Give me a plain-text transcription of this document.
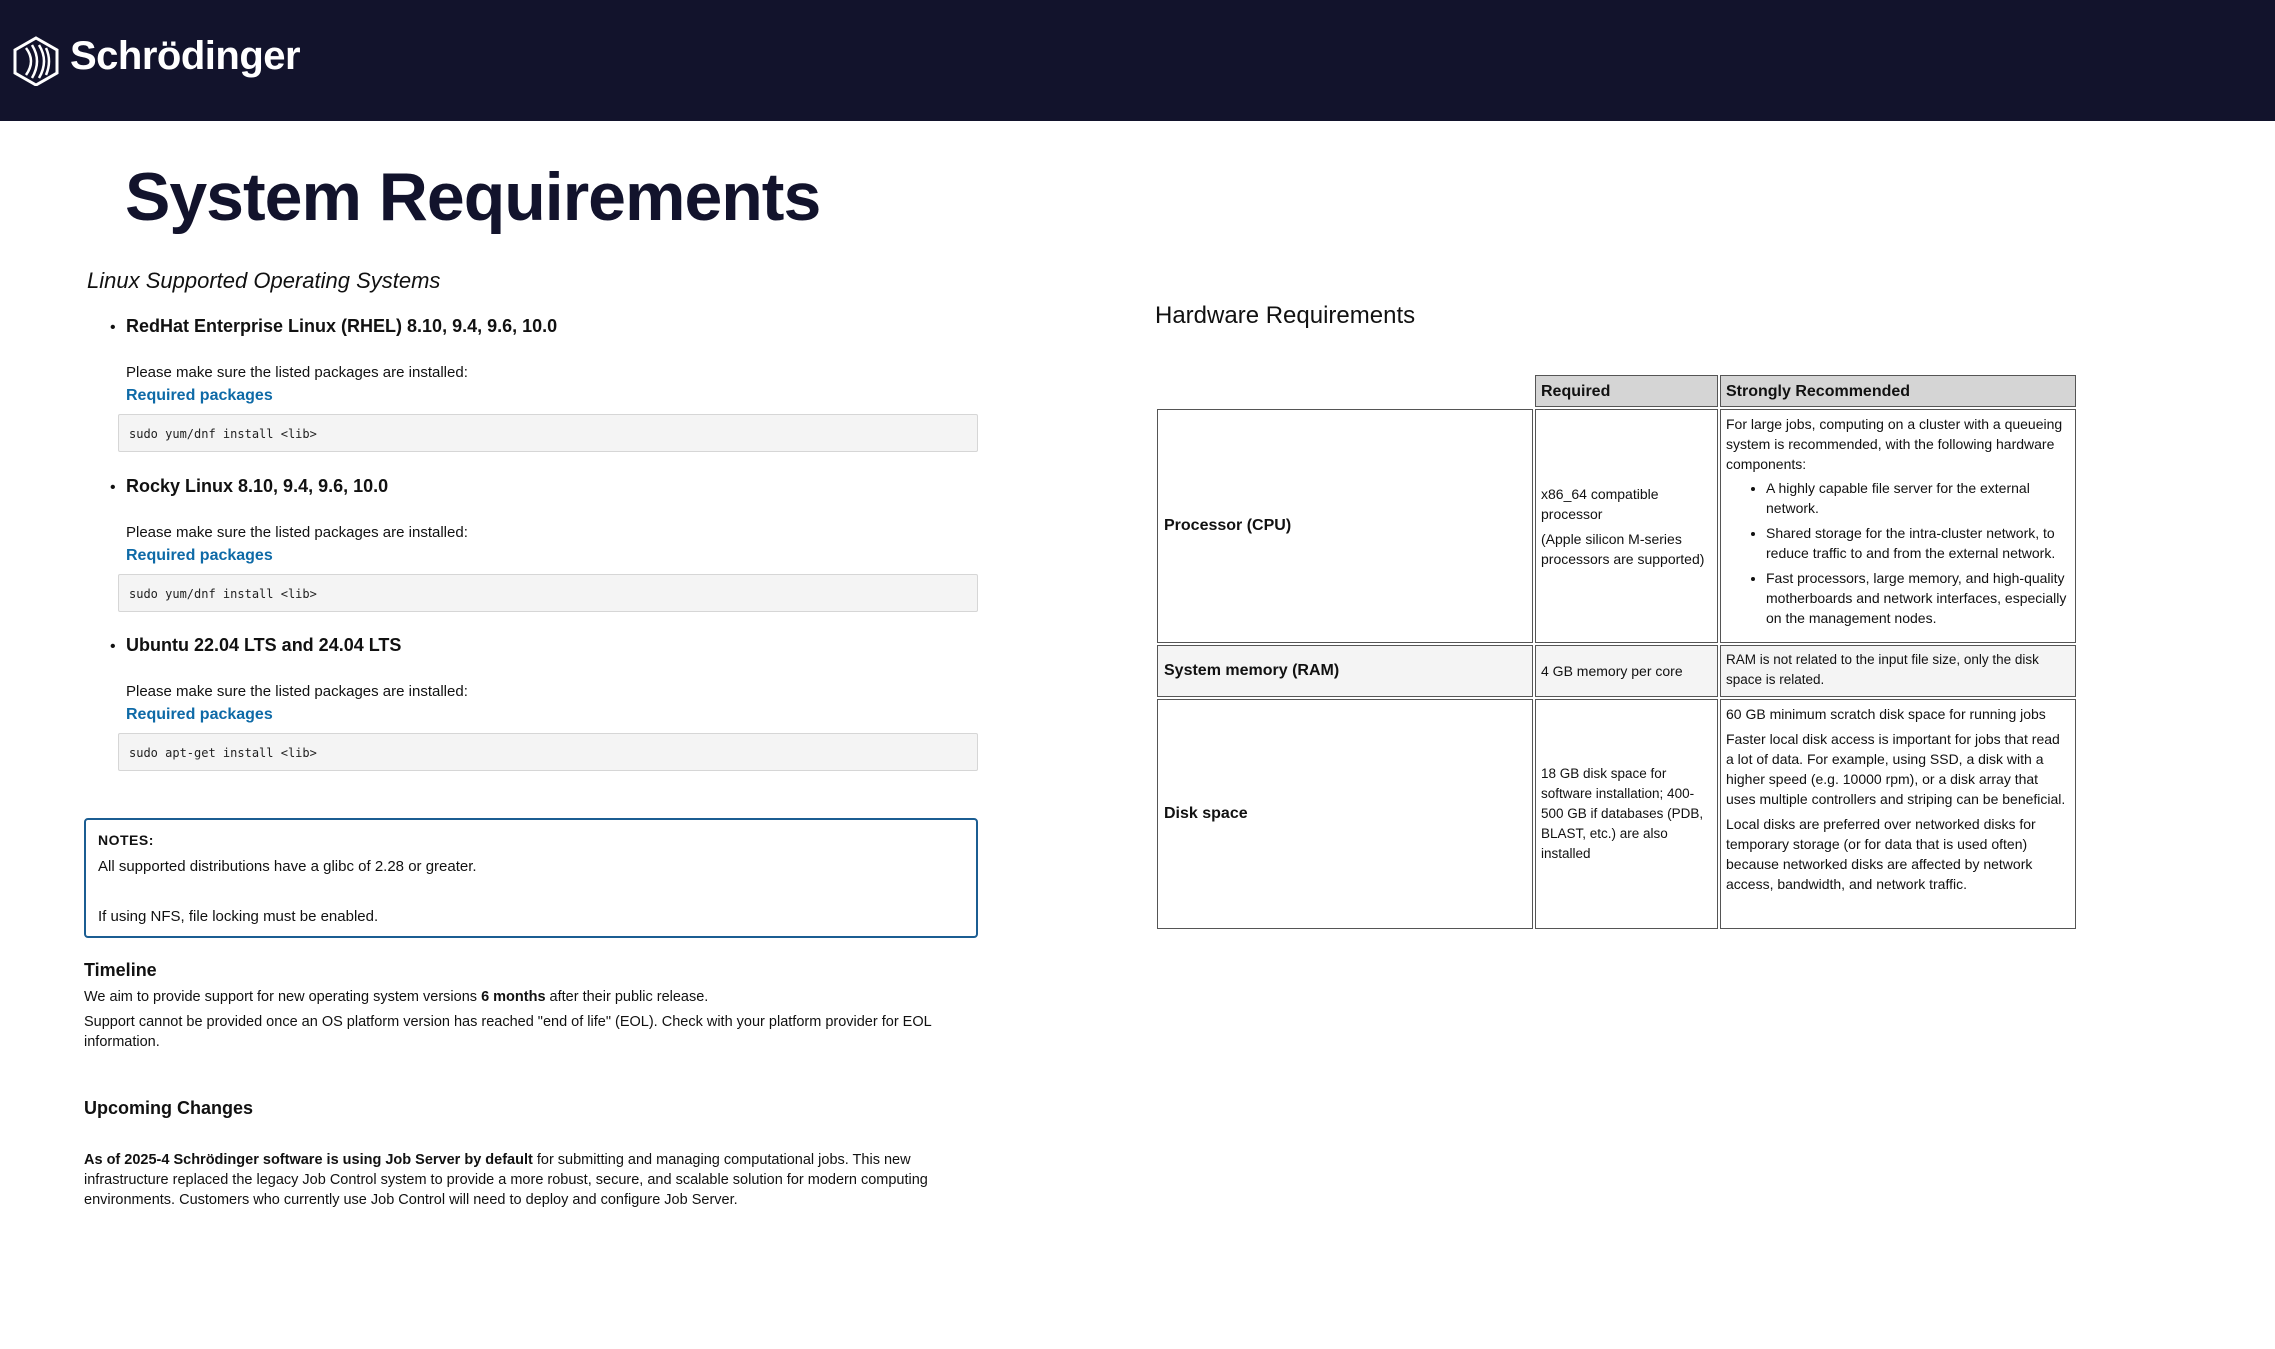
Schrödinger
System Requirements
Linux Supported Operating Systems
• RedHat Enterprise Linux (RHEL) 8.10, 9.4, 9.6, 10.0
Please make sure the listed packages are installed:
Required packages
sudo yum/dnf install <lib>
• Rocky Linux 8.10, 9.4, 9.6, 10.0
Please make sure the listed packages are installed:
Required packages
sudo yum/dnf install <lib>
• Ubuntu 22.04 LTS and 24.04 LTS
Please make sure the listed packages are installed:
Required packages
sudo apt-get install <lib>
NOTES:
All supported distributions have a glibc of 2.28 or greater.
If using NFS, file locking must be enabled.
Timeline
We aim to provide support for new operating system versions 6 months after their public release.
Support cannot be provided once an OS platform version has reached "end of life" (EOL). Check with your platform provider for EOL information.
Upcoming Changes
As of 2025-4 Schrödinger software is using Job Server by default for submitting and managing computational jobs. This new infrastructure replaced the legacy Job Control system to provide a more robust, secure, and scalable solution for modern computing environments. Customers who currently use Job Control will need to deploy and configure Job Server.
Hardware Requirements
Required	Strongly Recommended
Processor (CPU)
x86_64 compatible processor
(Apple silicon M-series processors are supported)
For large jobs, computing on a cluster with a queueing system is recommended, with the following hardware components:
• A highly capable file server for the external network.
• Shared storage for the intra-cluster network, to reduce traffic to and from the external network.
• Fast processors, large memory, and high-quality motherboards and network interfaces, especially on the management nodes.
System memory (RAM)	4 GB memory per core
RAM is not related to the input file size, only the disk space is related.
Disk space
18 GB disk space for software installation; 400-500 GB if databases (PDB, BLAST, etc.) are also installed
60 GB minimum scratch disk space for running jobs
Faster local disk access is important for jobs that read a lot of data. For example, using SSD, a disk with a higher speed (e.g. 10000 rpm), or a disk array that uses multiple controllers and striping can be beneficial.
Local disks are preferred over networked disks for temporary storage (or for data that is used often) because networked disks are affected by network access, bandwidth, and network traffic.
